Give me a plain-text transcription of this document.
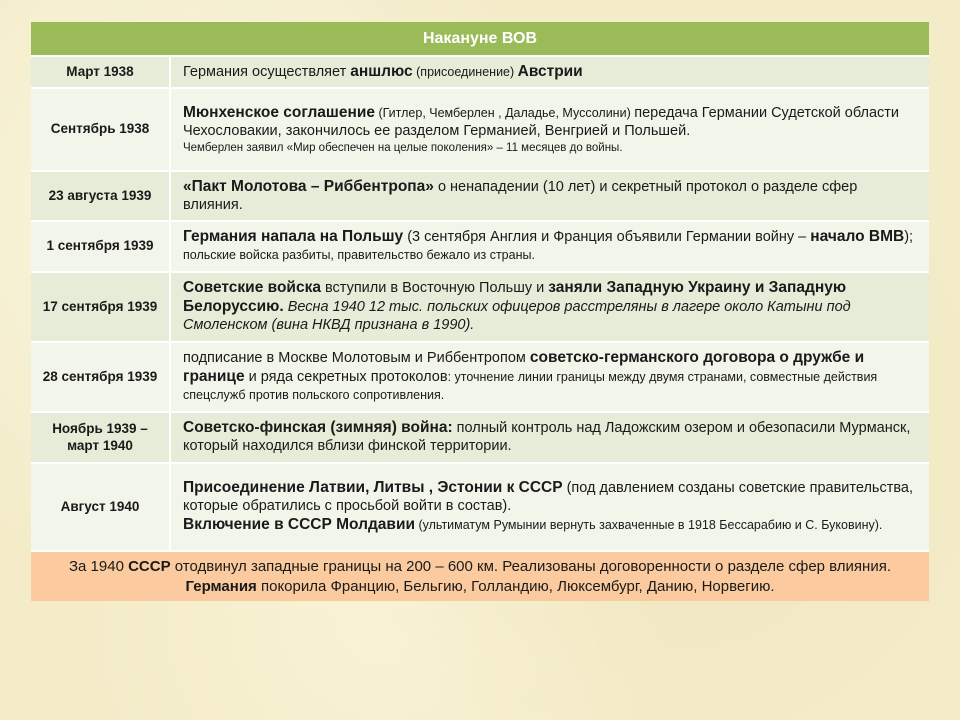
Накануне ВОВ	
Март 1938	Германия осуществляет аншлюс (присоединение) Австрии
Сентябрь 1938	Мюнхенское соглашение (Гитлер, Чемберлен , Даладье, Муссолини) передача Германии Судетской области Чехословакии, закончилось ее разделом Германией, Венгрией и Польшей.
Чемберлен заявил «Мир обеспечен на целые поколения» – 11 месяцев до войны.

23 августа 1939	«Пакт Молотова – Риббентропа» о ненападении (10 лет) и секретный протокол о разделе сфер влияния.
1 сентября 1939	Германия напала на Польшу (3 сентября Англия и Франция объявили Германии войну – начало ВМВ); польские войска разбиты, правительство бежало из страны.
17 сентября 1939	Советские войска вступили в Восточную Польшу и заняли Западную Украину и Западную Белоруссию. Весна 1940 12 тыс. польских офицеров расстреляны в лагере около Катыни под Смоленском (вина НКВД признана в 1990).
28 сентября 1939	подписание в Москве Молотовым и Риббентропом советско-германского договора о дружбе и границе и ряда секретных протоколов: уточнение линии границы между двумя странами, совместные действия спецслужб против польского сопротивления.
Ноябрь 1939 – март 1940	Советско-финская (зимняя) война: полный контроль над Ладожским озером и обезопасили Мурманск, который находился вблизи финской территории.
Август 1940	Присоединение Латвии, Литвы , Эстонии к СССР (под давлением созданы советские правительства, которые обратились с просьбой войти в состав).
Включение в СССР Молдавии (ультиматум Румынии вернуть захваченные в 1918 Бессарабию и С. Буковину).
За 1940 СССР отодвинул западные границы на 200 – 600 км. Реализованы договоренности о разделе сфер влияния. Германия покорила Францию, Бельгию, Голландию, Люксембург, Данию, Норвегию.	
